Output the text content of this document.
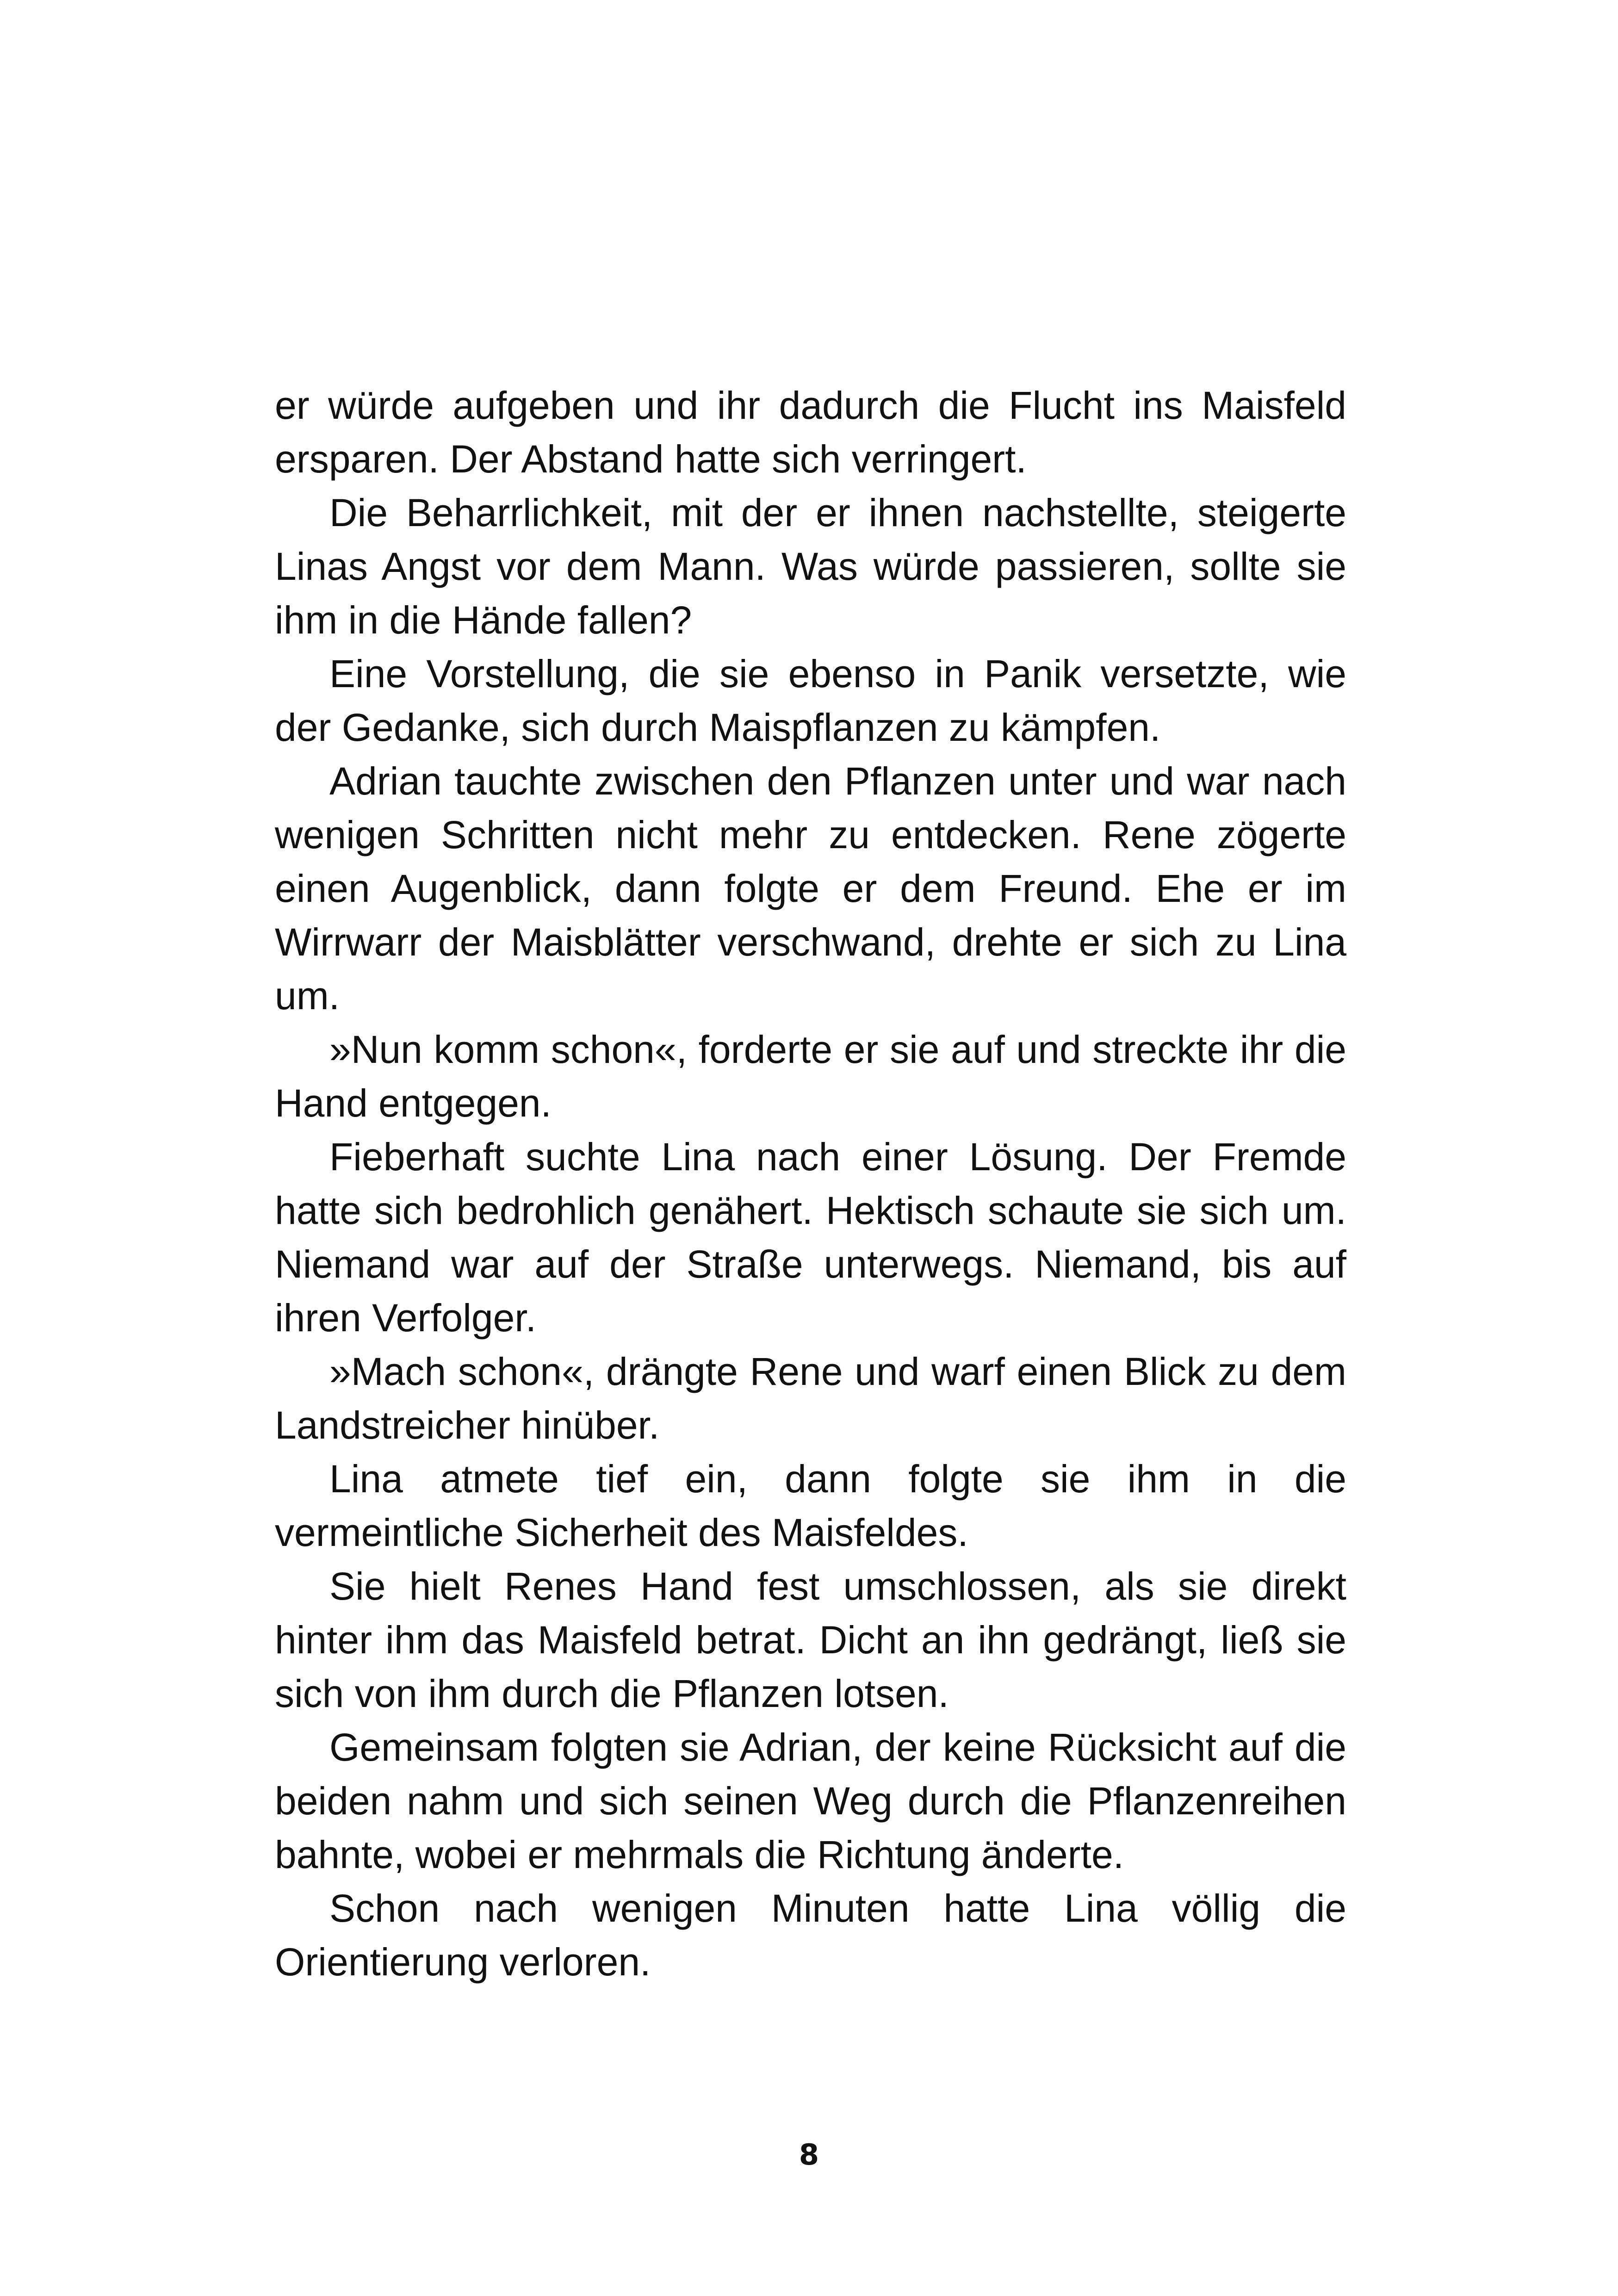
er würde aufgeben und ihr dadurch die Flucht ins Maisfeld ersparen. Der Abstand hatte sich verringert.

Die Beharrlichkeit, mit der er ihnen nachstellte, steigerte Linas Angst vor dem Mann. Was würde passieren, sollte sie ihm in die Hände fallen?

Eine Vorstellung, die sie ebenso in Panik versetzte, wie der Gedanke, sich durch Maispflanzen zu kämpfen.

Adrian tauchte zwischen den Pflanzen unter und war nach wenigen Schritten nicht mehr zu entdecken. Rene zögerte einen Augenblick, dann folgte er dem Freund. Ehe er im Wirrwarr der Maisblätter verschwand, drehte er sich zu Lina um.

»Nun komm schon«, forderte er sie auf und streckte ihr die Hand entgegen.

Fieberhaft suchte Lina nach einer Lösung. Der Fremde hatte sich bedrohlich genähert. Hektisch schaute sie sich um. Niemand war auf der Straße unterwegs. Niemand, bis auf ihren Verfolger.

»Mach schon«, drängte Rene und warf einen Blick zu dem Landstreicher hinüber.

Lina atmete tief ein, dann folgte sie ihm in die vermeintliche Sicherheit des Maisfeldes.

Sie hielt Renes Hand fest umschlossen, als sie direkt hinter ihm das Maisfeld betrat. Dicht an ihn gedrängt, ließ sie sich von ihm durch die Pflanzen lotsen.

Gemeinsam folgten sie Adrian, der keine Rücksicht auf die beiden nahm und sich seinen Weg durch die Pflanzenreihen bahnte, wobei er mehrmals die Richtung änderte.

Schon nach wenigen Minuten hatte Lina völlig die Orientierung verloren.

8
